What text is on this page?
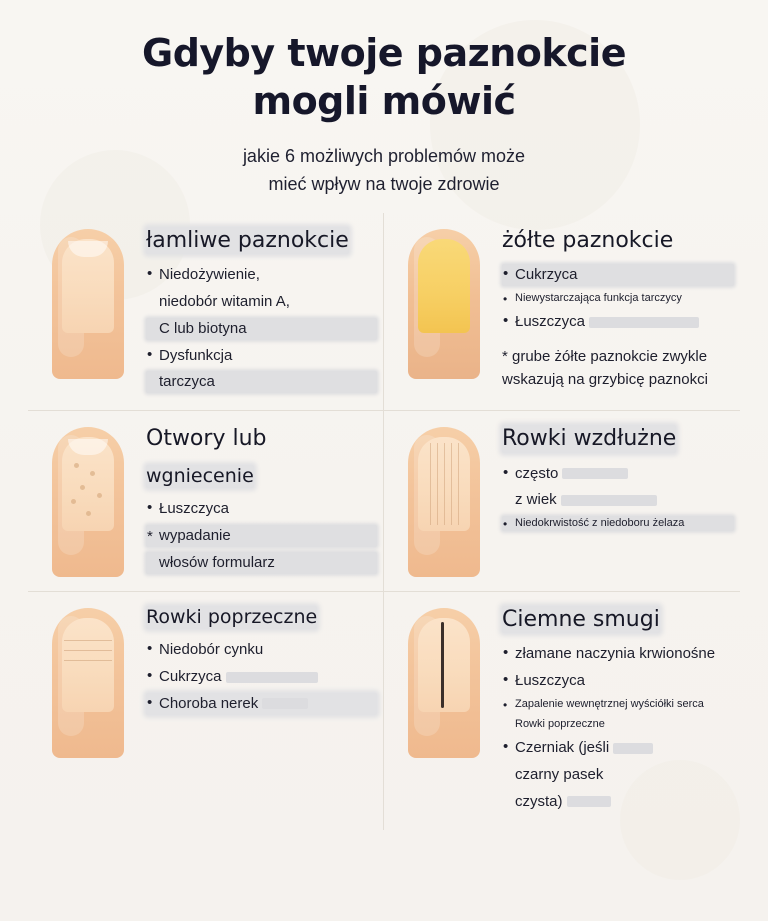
Gdyby twoje paznokcie
mogli mówić
jakie 6 możliwych problemów może
mieć wpływ na twoje zdrowie
łamliwe paznokcie
• Niedożywienie,
niedobór witamin A,
C lub biotyna
• Dysfunkcja
tarczyca
żółte paznokcie
• Cukrzyca
• Niewystarczająca funkcja tarczycy
• Łuszczyca
* grube żółte paznokcie zwykle
wskazują na grzybicę paznokci
Otwory lub wgniecenie
• Łuszczyca
* wypadanie
włosów formularz
Rowki wzdłużne
• często
z wiek
• Niedokrwistość z niedoboru żelaza
Rowki poprzeczne
• Niedobór cynku
• Cukrzyca
• Choroba nerek
Ciemne smugi
• złamane naczynia krwionośne
• Łuszczyca
• Zapalenie wewnętrznej wyściółki serca
Rowki poprzeczne
• Czerniak (jeśli
czarny pasek
czysta)
